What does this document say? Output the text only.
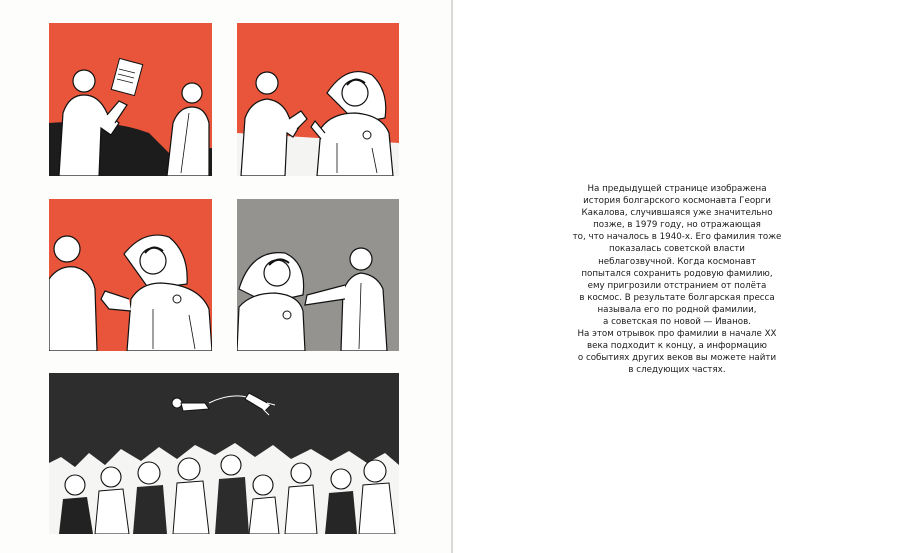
На предыдущей странице изображена
история болгарского космонавта Георги
Какалова, случившаяся уже значительно
позже, в 1979 году, но отражающая
то, что началось в 1940-х. Его фамилия тоже
показалась советской власти
неблагозвучной. Когда космонавт
попытался сохранить родовую фамилию,
ему пригрозили отстранием от полёта
в космос. В результате болгарская пресса
называла его по родной фамилии,
а советская по новой — Иванов.
На этом отрывок про фамилии в начале XX
века подходит к концу, а информацию
о событиях других веков вы можете найти
в следующих частях.
